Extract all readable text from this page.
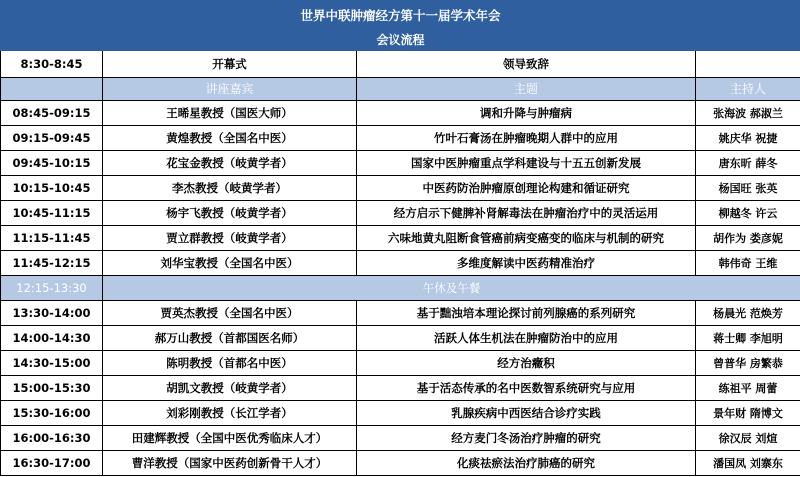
世界中联肿瘤经方第十一届学术年会			
会议流程			
8:30-8:45	开幕式	领导致辞	
	讲座嘉宾	主题	主持人
08:45-09:15	王晞星教授（国医大师）	调和升降与肿瘤病	张海波 郝淑兰
09:15-09:45	黄煌教授（全国名中医）	竹叶石膏汤在肿瘤晚期人群中的应用	姚庆华 祝捷
09:45-10:15	花宝金教授（岐黄学者）	国家中医肿瘤重点学科建设与十五五创新发展	唐东昕 薛冬
10:15-10:45	李杰教授（岐黄学者）	中医药防治肿瘤原创理论构建和循证研究	杨国旺 张英
10:45-11:15	杨宇飞教授（岐黄学者）	经方启示下健脾补肾解毒法在肿瘤治疗中的灵活运用	柳越冬 许云
11:15-11:45	贾立群教授（岐黄学者）	六味地黄丸阻断食管癌前病变癌变的临床与机制的研究	胡作为 娄彦妮
11:45-12:15	刘华宝教授（全国名中医）	多维度解读中医药精准治疗	韩伟奇 王维
12:15-13:30	午休及午餐		
13:30-14:00	贾英杰教授（全国名中医）	基于黜浊培本理论探讨前列腺癌的系列研究	杨晨光 范焕芳
14:00-14:30	郝万山教授（首都国医名师）	活跃人体生机法在肿瘤防治中的应用	蒋士卿 李旭明
14:30-15:00	陈明教授（首都名中医）	经方治癥积	曾普华 房繁恭
15:00-15:30	胡凯文教授（岐黄学者）	基于活态传承的名中医数智系统研究与应用	练祖平 周蕾
15:30-16:00	刘彩刚教授（长江学者）	乳腺疾病中西医结合诊疗实践	景年财 隋博文
16:00-16:30	田建辉教授（全国中医优秀临床人才）	经方麦门冬汤治疗肿瘤的研究	徐汉辰 刘煊
16:30-17:00	曹洋教授（国家中医药创新骨干人才）	化痰祛瘀法治疗肺癌的研究	潘国凤 刘寨东
